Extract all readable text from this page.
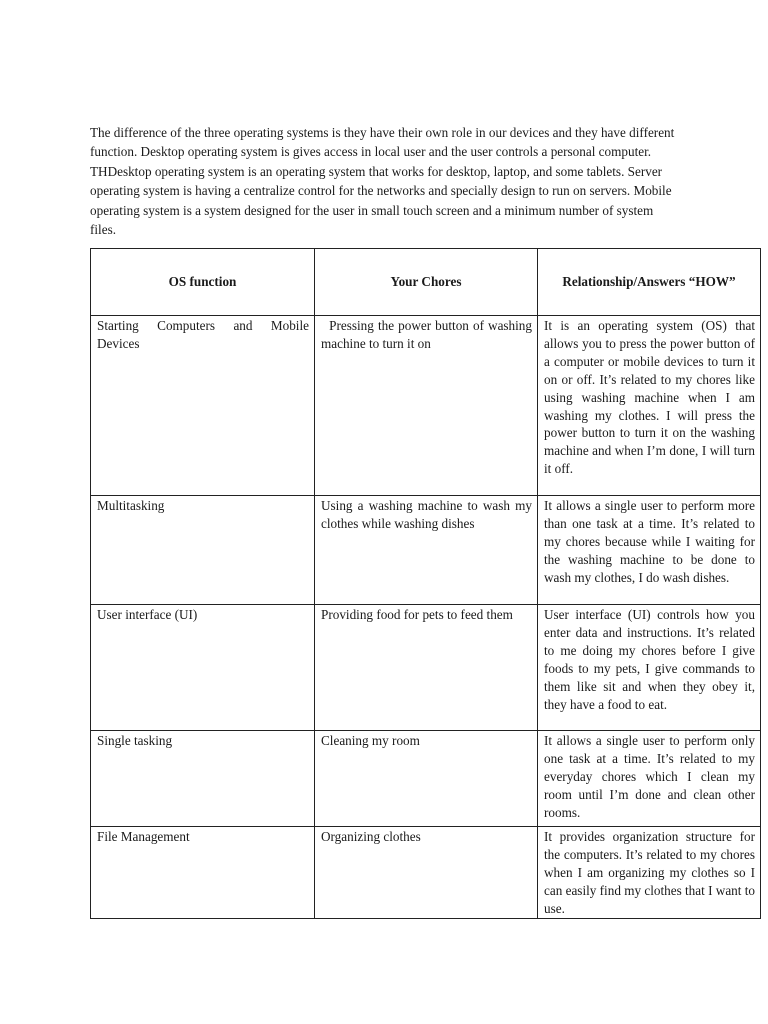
The difference of the three operating systems is they have their own role in our devices and they have different function. Desktop operating system is gives access in local user and the user controls a personal computer. THDesktop operating system is an operating system that works for desktop, laptop, and some tablets. Server operating system is having a centralize control for the networks and specially design to run on servers. Mobile operating system is a system designed for the user in small touch screen and a minimum number of system files.

OS function	Your Chores	Relationship/Answers “HOW”
Starting Computers and Mobile Devices	Pressing the power button of washing machine to turn it on	It is an operating system (OS) that allows you to press the power button of a computer or mobile devices to turn it on or off. It’s related to my chores like using washing machine when I am washing my clothes. I will press the power button to turn it on the washing machine and when I’m done, I will turn it off.
Multitasking	Using a washing machine to wash my clothes while washing dishes	It allows a single user to perform more than one task at a time. It’s related to my chores because while I waiting for the washing machine to be done to wash my clothes, I do wash dishes.
User interface (UI)	Providing food for pets to feed them	User interface (UI) controls how you enter data and instructions. It’s related to me doing my chores before I give foods to my pets, I give commands to them like sit and when they obey it, they have a food to eat.
Single tasking	Cleaning my room	It allows a single user to perform only one task at a time. It’s related to my everyday chores which I clean my room until I’m done and clean other rooms.
File Management	Organizing clothes	It provides organization structure for the computers. It’s related to my chores when I am organizing my clothes so I can easily find my clothes that I want to use.
